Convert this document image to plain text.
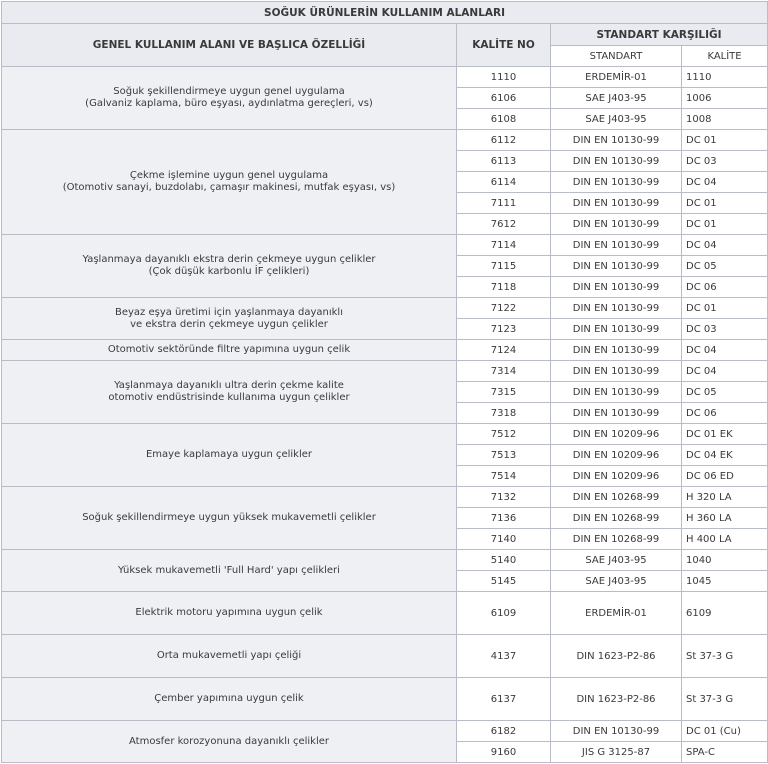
SOĞUK ÜRÜNLERİN KULLANIM ALANLARI			
GENEL KULLANIM ALANI VE BAŞLICA ÖZELLİĞİ	KALİTE NO	STANDART KARŞILIĞI	
		STANDART	KALİTE
Soğuk şekillendirmeye uygun genel uygulama
(Galvaniz kaplama, büro eşyası, aydınlatma gereçleri, vs)	1110	ERDEMİR-01	1110
	6106	SAE J403-95	1006
	6108	SAE J403-95	1008
Çekme işlemine uygun genel uygulama
(Otomotiv sanayi, buzdolabı, çamaşır makinesi, mutfak eşyası, vs)	6112	DIN EN 10130-99	DC 01
	6113	DIN EN 10130-99	DC 03
	6114	DIN EN 10130-99	DC 04
	7111	DIN EN 10130-99	DC 01
	7612	DIN EN 10130-99	DC 01
Yaşlanmaya dayanıklı ekstra derin çekmeye uygun çelikler
(Çok düşük karbonlu İF çelikleri)	7114	DIN EN 10130-99	DC 04
	7115	DIN EN 10130-99	DC 05
	7118	DIN EN 10130-99	DC 06
Beyaz eşya üretimi için yaşlanmaya dayanıklı
ve ekstra derin çekmeye uygun çelikler	7122	DIN EN 10130-99	DC 01
	7123	DIN EN 10130-99	DC 03
Otomotiv sektöründe filtre yapımına uygun çelik	7124	DIN EN 10130-99	DC 04
Yaşlanmaya dayanıklı ultra derin çekme kalite
otomotiv endüstrisinde kullanıma uygun çelikler	7314	DIN EN 10130-99	DC 04
	7315	DIN EN 10130-99	DC 05
	7318	DIN EN 10130-99	DC 06
Emaye kaplamaya uygun çelikler	7512	DIN EN 10209-96	DC 01 EK
	7513	DIN EN 10209-96	DC 04 EK
	7514	DIN EN 10209-96	DC 06 ED
Soğuk şekillendirmeye uygun yüksek mukavemetli çelikler	7132	DIN EN 10268-99	H 320 LA
	7136	DIN EN 10268-99	H 360 LA
	7140	DIN EN 10268-99	H 400 LA
Yüksek mukavemetli 'Full Hard' yapı çelikleri	5140	SAE J403-95	1040
	5145	SAE J403-95	1045
Elektrik motoru yapımına uygun çelik	6109	ERDEMİR-01	6109
Orta mukavemetli yapı çeliği	4137	DIN 1623-P2-86	St 37-3 G
Çember yapımına uygun çelik	6137	DIN 1623-P2-86	St 37-3 G
Atmosfer korozyonuna dayanıklı çelikler	6182	DIN EN 10130-99	DC 01 (Cu)
	9160	JIS G 3125-87	SPA-C
